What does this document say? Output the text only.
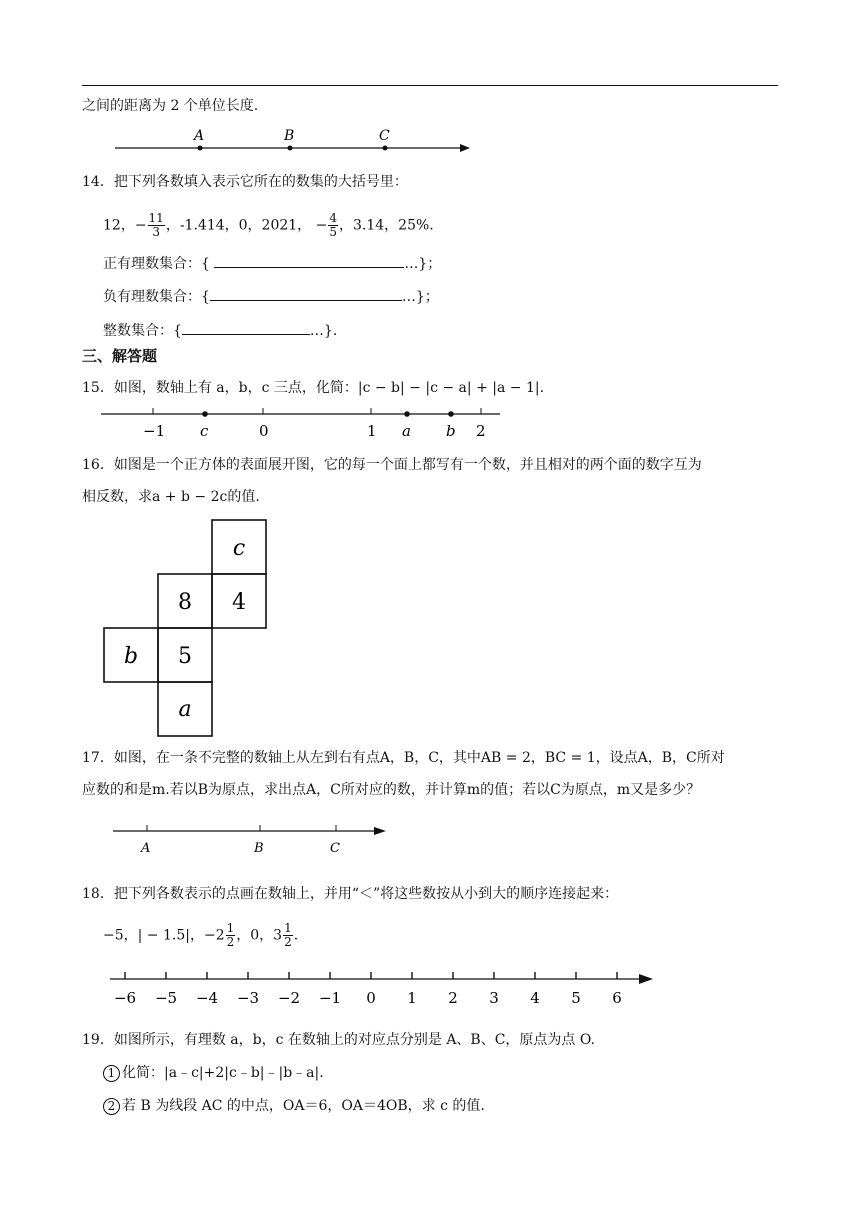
之间的距离为 2 个单位长度.
A	B	C
14．把下列各数填入表示它所在的数集的大括号里：
12，− $\frac{11}{3}$ ，-1.414，0，2021， − $\frac{4}{5}$ ，3.14，25%.
正有理数集合：{	…}；
负有理数集合：{	…}；
整数集合：{	…}.
三、解答题
15．如图，数轴上有 a，b，c 三点，化简：|c − b| − |c − a| + |a − 1|.
−1	0	1	2
c	a b
16．如图是一个正方体的表面展开图，它的每一个面上都写有一个数，并且相对的两个面的数字互为
相反数，求a + b − 2c的值.
c
8 4
b 5
a
17．如图，在一条不完整的数轴上从左到右有点A，B，C，其中AB = 2，BC = 1，设点A，B，C所对
应数的和是m.若以B为原点，求出点A，C所对应的数，并计算m的值；若以C为原点，m又是多少？
A	B	C
18．把下列各数表示的点画在数轴上，并用“＜”将这些数按从小到大的顺序连接起来：
−5，| − 1.5|，$-2 \frac{1}{2}$ ，0，$3 \frac{1}{2}$ .
−6 −5 −4 −3 −2 −1 0 1 2 3 4 5 6
19．如图所示，有理数 a，b，c 在数轴上的对应点分别是 A、B、C，原点为点 O.
1 化简：|a﹣c|+2|c﹣b|﹣|b﹣a|.
2 若 B 为线段 AC 的中点，OA＝6，OA＝4OB，求 c 的值.
